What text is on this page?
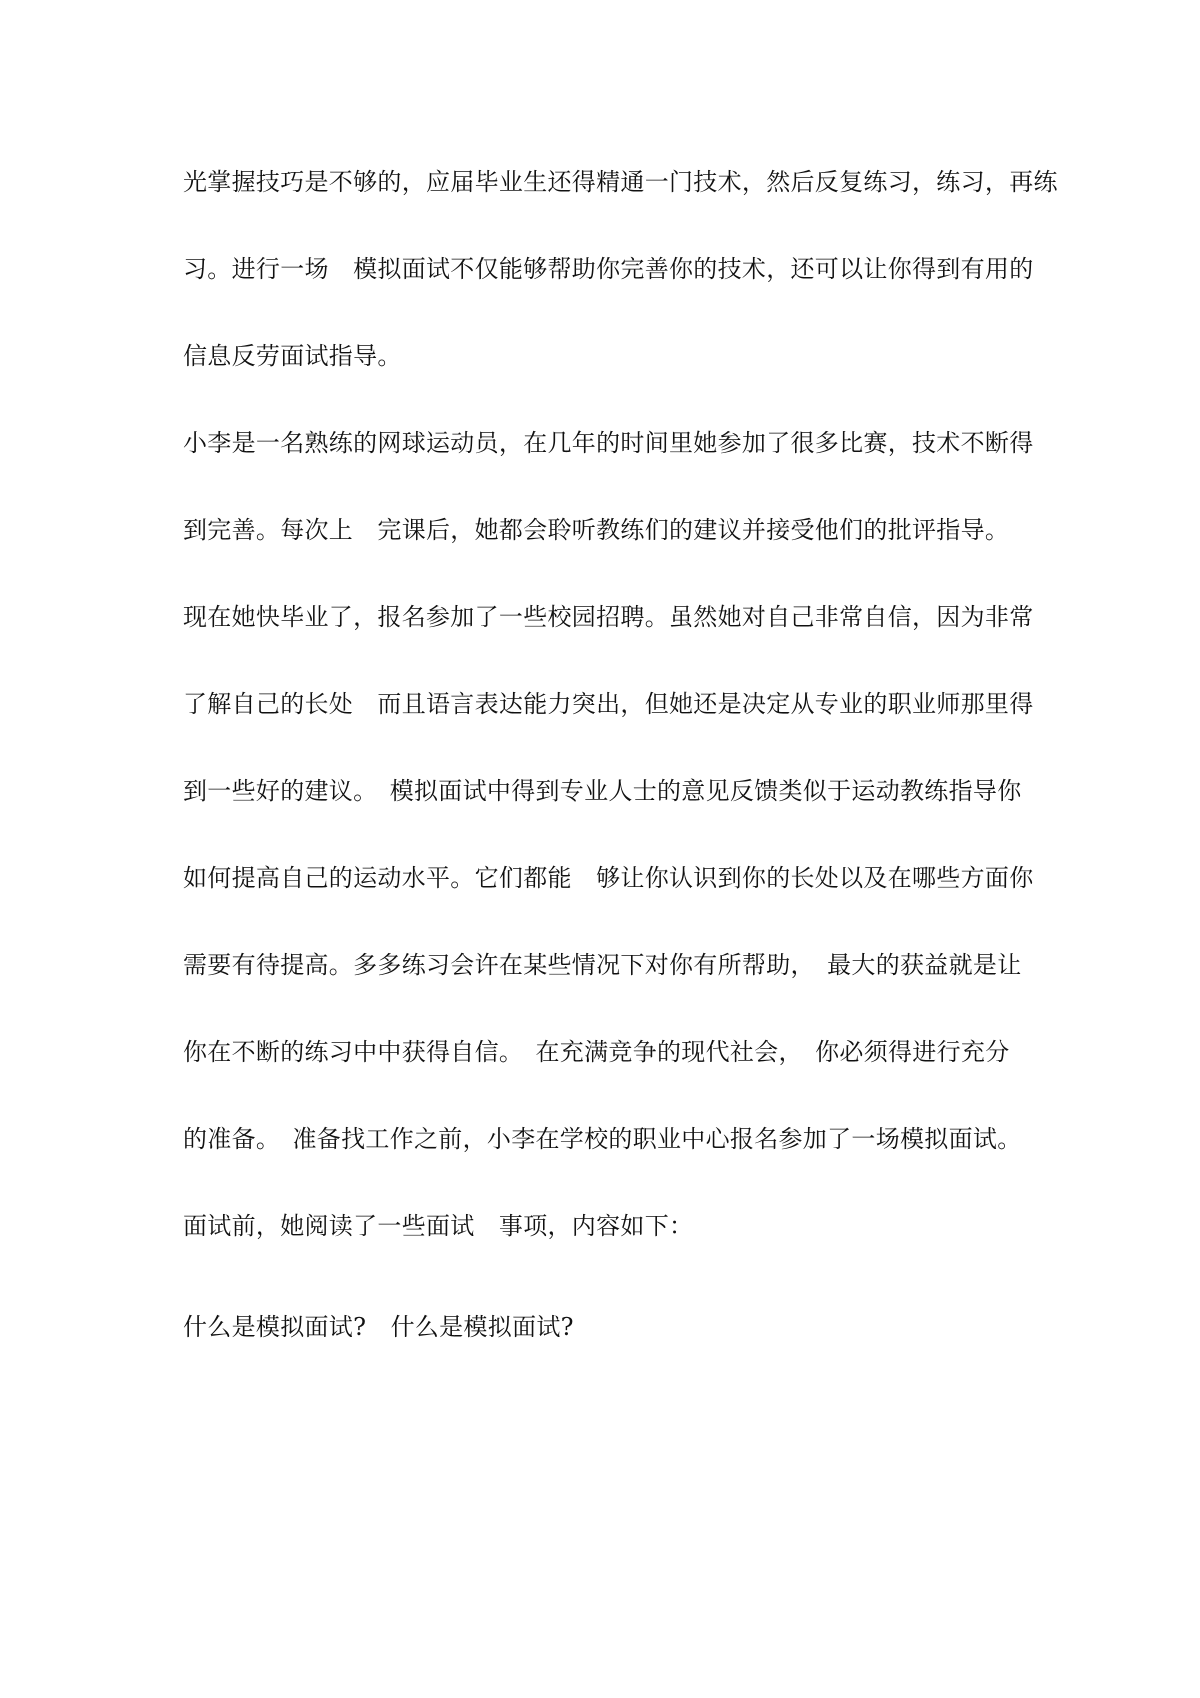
光掌握技巧是不够的，应届毕业生还得精通一门技术，然后反复练习，练习，再练
习。进行一场　模拟面试不仅能够帮助你完善你的技术，还可以让你得到有用的
信息反劳面试指导。
小李是一名熟练的网球运动员，在几年的时间里她参加了很多比赛，技术不断得
到完善。每次上　完课后，她都会聆听教练们的建议并接受他们的批评指导。
现在她快毕业了，报名参加了一些校园招聘。虽然她对自己非常自信，因为非常
了解自己的长处　而且语言表达能力突出，但她还是决定从专业的职业师那里得
到一些好的建议。　模拟面试中得到专业人士的意见反馈类似于运动教练指导你
如何提高自己的运动水平。它们都能　够让你认识到你的长处以及在哪些方面你
需要有待提高。多多练习会许在某些情况下对你有所帮助，　最大的获益就是让
你在不断的练习中中获得自信。　在充满竞争的现代社会，　你必须得进行充分
的准备。　准备找工作之前，小李在学校的职业中心报名参加了一场模拟面试。
面试前，她阅读了一些面试　事项，内容如下：
什么是模拟面试?　什么是模拟面试?
